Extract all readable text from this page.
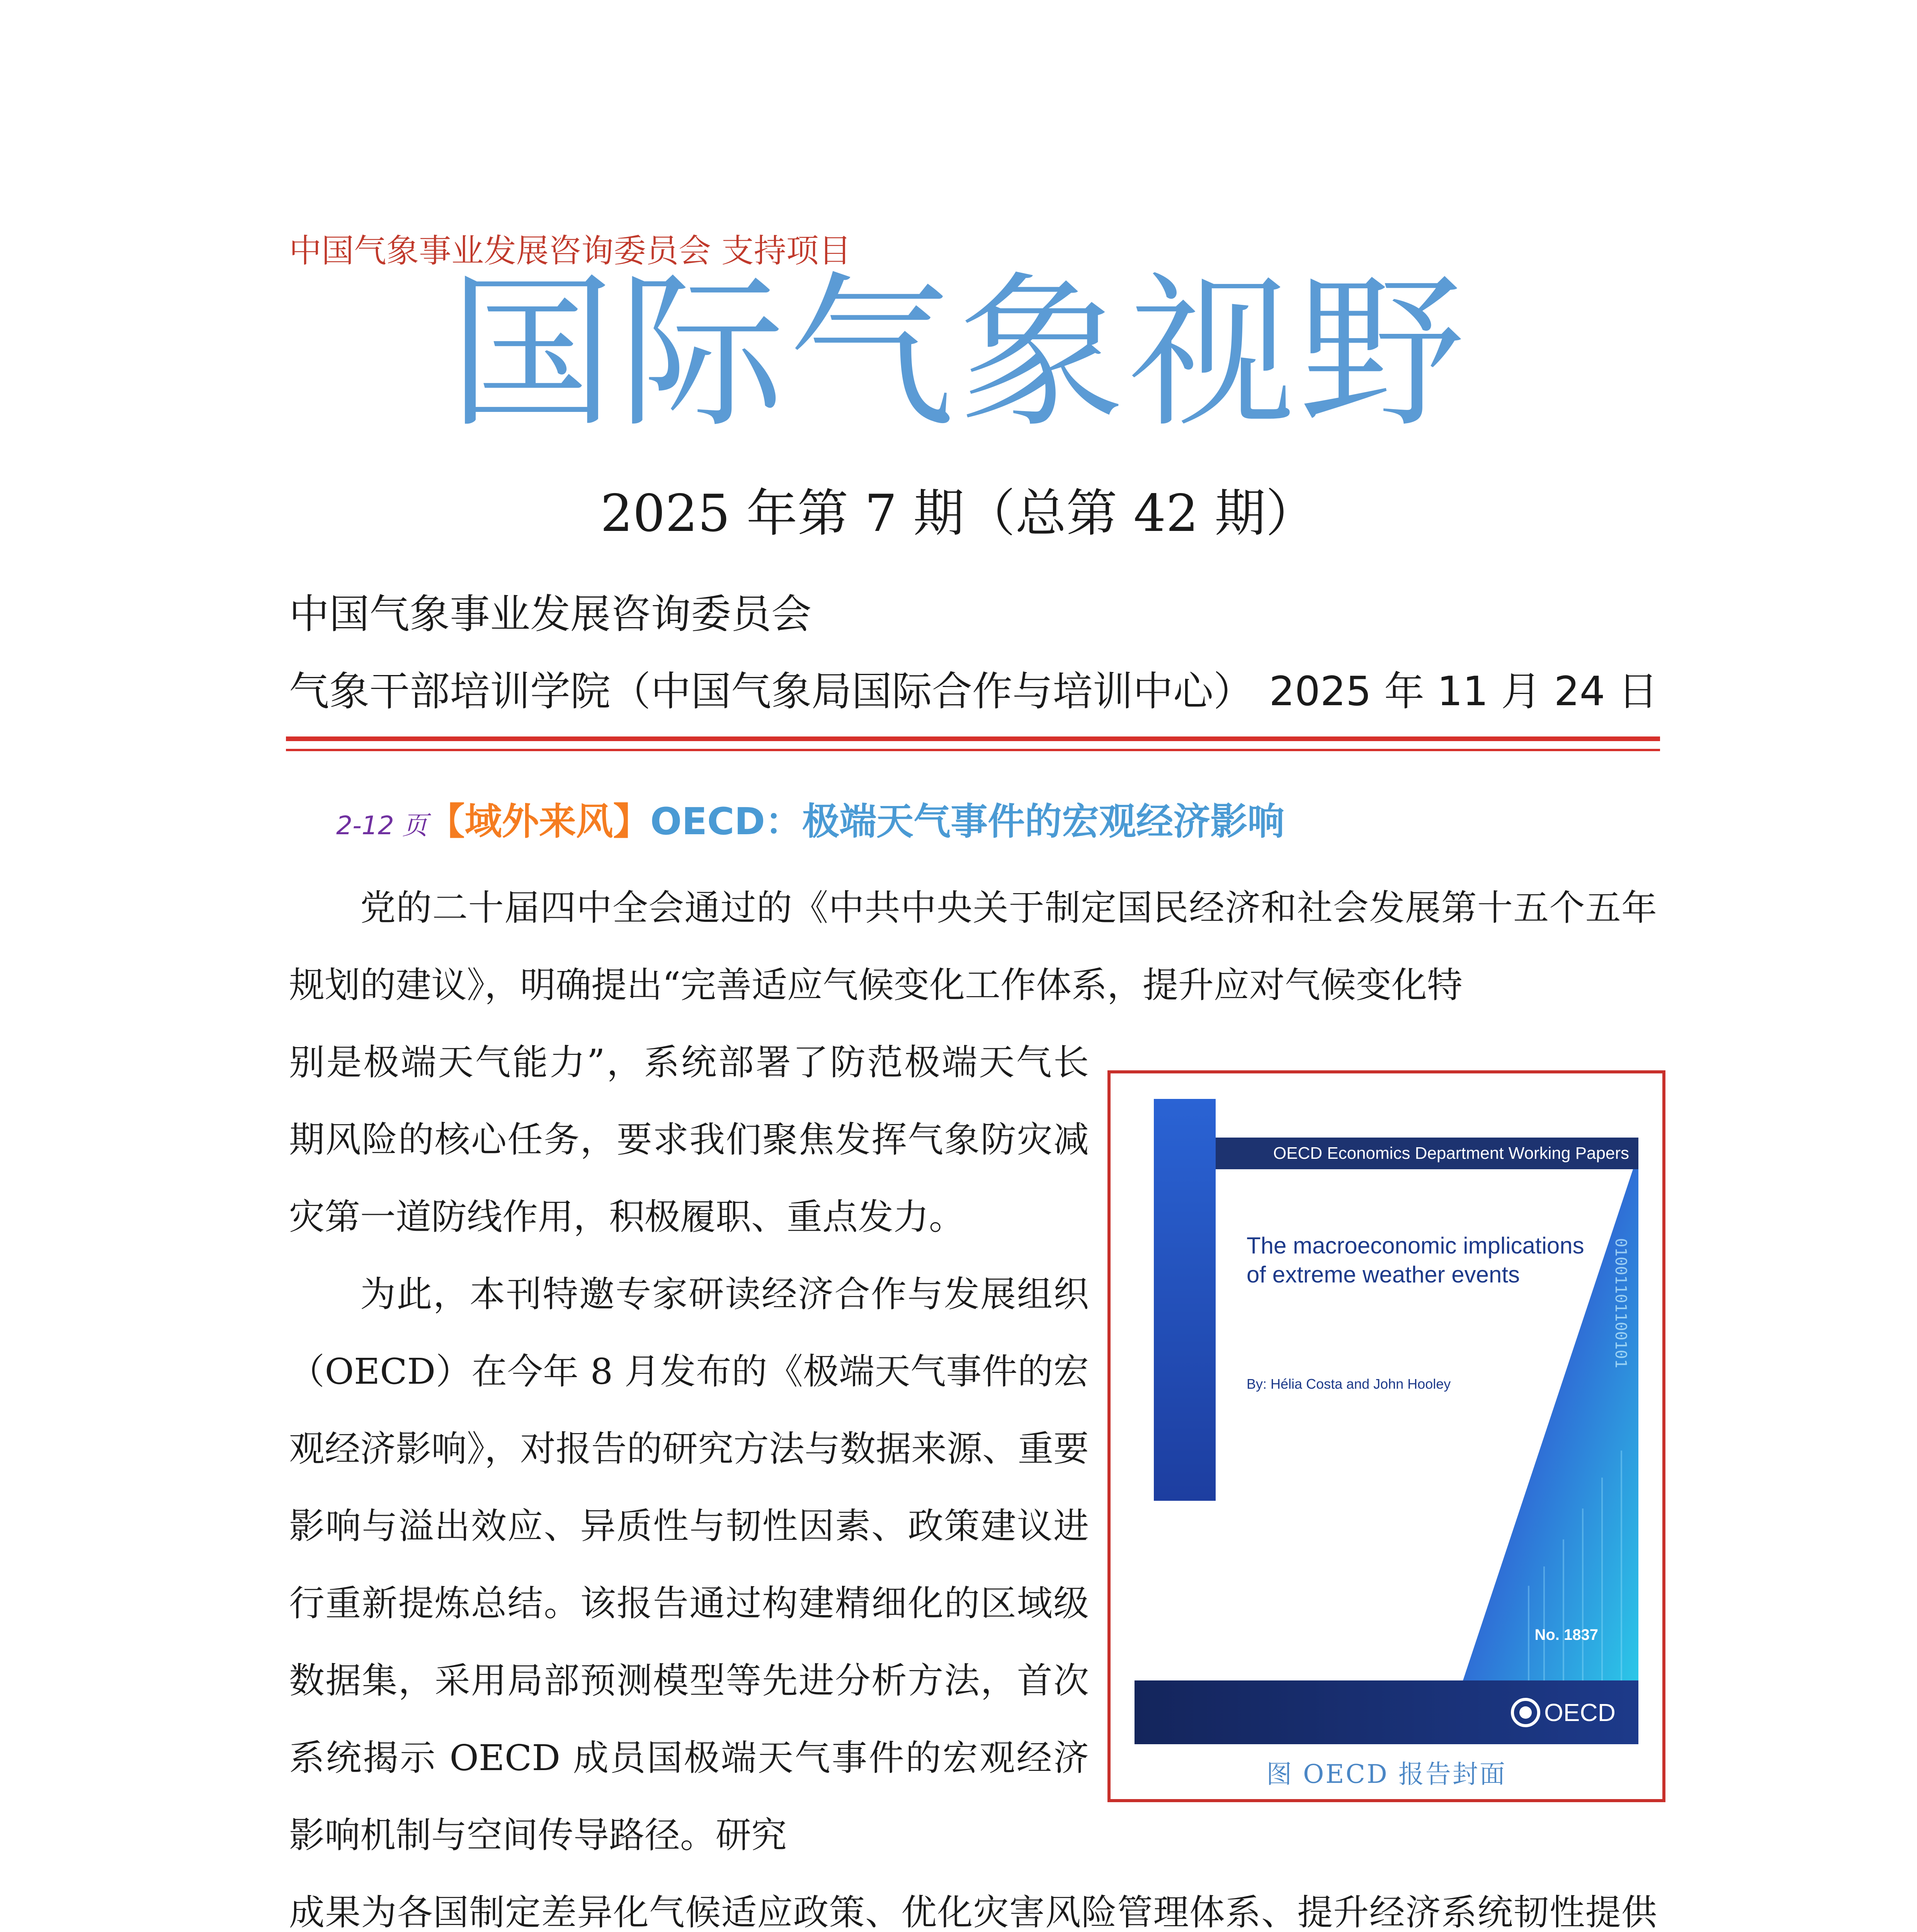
中国气象事业发展咨询委员会 支持项目
国际气象视野
2025 年第 7 期（总第 42 期）
中国气象事业发展咨询委员会
气象干部培训学院（中国气象局国际合作与培训中心） 2025 年 11 月 24 日
2-12 页【域外来风】OECD：极端天气事件的宏观经济影响
党的二十届四中全会通过的《中共中央关于制定国民经济和社会发展第十五个五年规划的建议》，明确提出“完善适应气候变化工作体系，提升应对气候变化特

别是极端天气能力”，系统部署了防范极端天气长期风险的核心任务，要求我们聚焦发挥气象防灾减灾第一道防线作用，积极履职、重点发力。

为此，本刊特邀专家研读经济合作与发展组织（OECD）在今年 8 月发布的《极端天气事件的宏观经济影响》，对报告的研究方法与数据来源、重要影响与溢出效应、异质性与韧性因素、政策建议进行重新提炼总结。该报告通过构建精细化的区域级数据集，采用局部预测模型等先进分析方法，首次系统揭示 OECD 成员国极端天气事件的宏观经济影响机制与空间传导路径。研究

成果为各国制定差异化气候适应政策、优化灾害风险管理体系、提升经济系统韧性提供
01001101100101
OECD Economics Department Working Papers
The macroeconomic implications
of extreme weather events
By: Hélia Costa and John Hooley
No. 1837
OECD
图 OECD 报告封面
